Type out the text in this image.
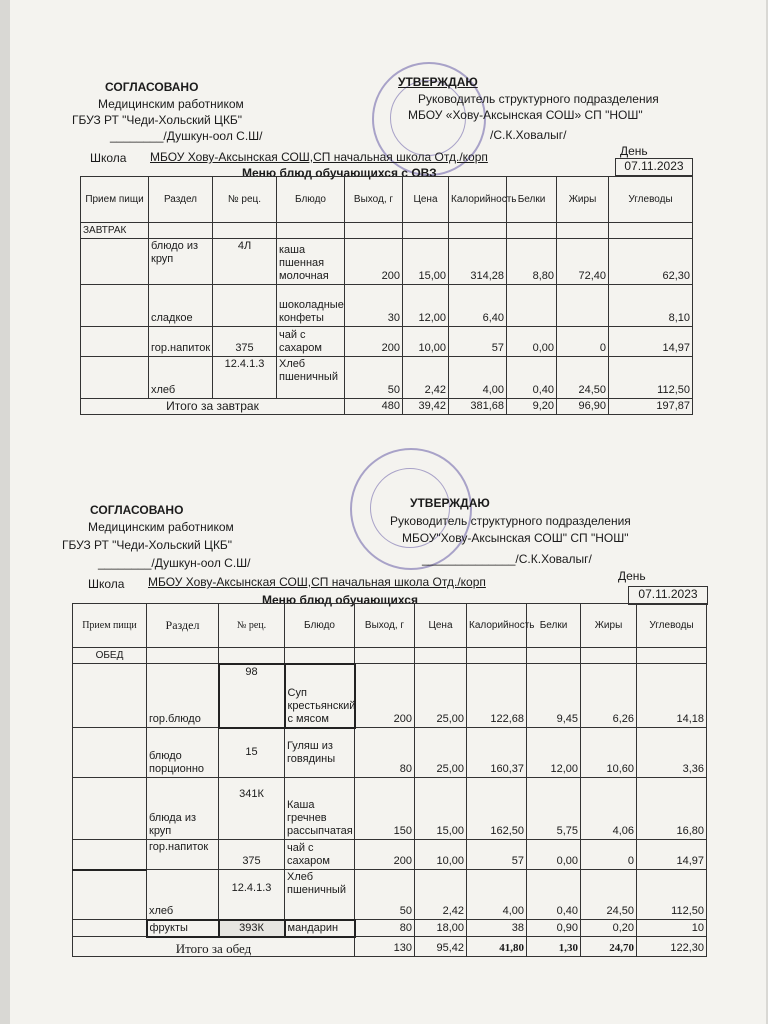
СОГЛАСОВАНО
Медицинским работником
ГБУЗ РТ "Чеди-Хольский ЦКБ"
________/Душкун-оол С.Ш/
УТВЕРЖДАЮ
Руководитель структурного подразделения
МБОУ «Хову-Аксынская СОШ» СП "НОШ"
/С.К.Ховалыг/
Школа МБОУ Хову-Аксынская СОШ,СП начальная школа Отд./корп	День
Меню блюд обучающихся с ОВЗ	07.11.2023
Прием пищи	Раздел	№ рец.	Блюдо	Выход, г	Цена	Калорийность	Белки	Жиры	Углеводы
ЗАВТРАК									
	блюдо из круп	4Л	каша пшенная молочная	200	15,00	314,28	8,80	72,40	62,30
	сладкое		шоколадные конфеты	30	12,00	6,40			8,10
	гор.напиток	375	чай с сахаром	200	10,00	57	0,00	0	14,97
	хлеб	12.4.1.3	Хлеб пшеничный	50	2,42	4,00	0,40	24,50	112,50
Итого за завтрак				480	39,42	381,68	9,20	96,90	197,87
СОГЛАСОВАНО
Медицинским работником
ГБУЗ РТ "Чеди-Хольский ЦКБ"
________/Душкун-оол С.Ш/
УТВЕРЖДАЮ
Руководитель структурного подразделения
МБОУ"Хову-Аксынская СОШ" СП "НОШ"
______________/С.К.Ховалыг/
Школа МБОУ Хову-Аксынская СОШ,СП начальная школа Отд./корп	День
Меню блюд обучающихся	07.11.2023
Прием пищи	Раздел	№ рец.	Блюдо	Выход, г	Цена	Калорийность	Белки	Жиры	Углеводы
ОБЕД									
	гор.блюдо	98	Суп крестьянский с мясом	200	25,00	122,68	9,45	6,26	14,18
	блюдо порционно	15	Гуляш из говядины	80	25,00	160,37	12,00	10,60	3,36
	блюда из круп	341К	Каша гречнев рассыпчатая	150	15,00	162,50	5,75	4,06	16,80
	гор.напиток	375	чай с сахаром	200	10,00	57	0,00	0	14,97
	хлеб	12.4.1.3	Хлеб пшеничный	50	2,42	4,00	0,40	24,50	112,50
	фрукты	393К	мандарин	80	18,00	38	0,90	0,20	10
Итого за обед				130	95,42	41,80	1,30	24,70	122,30
